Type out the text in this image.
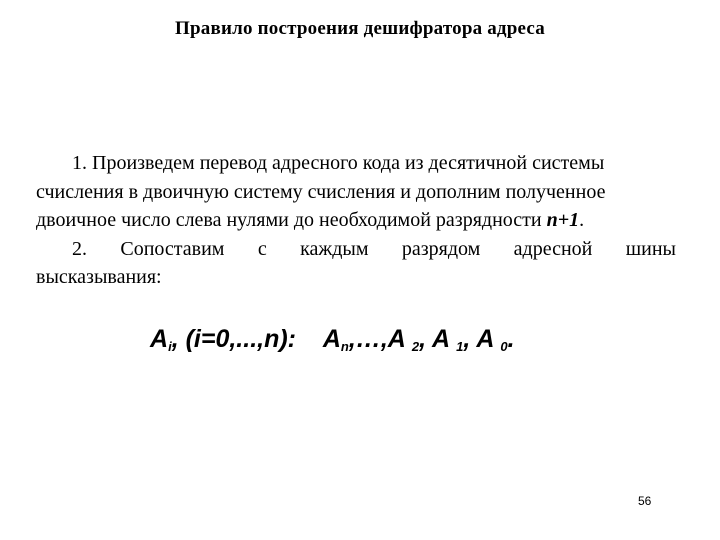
Правило построения дешифратора адреса

1. Произведем перевод адресного кода из десятичной системы счисления в двоичную систему счисления и дополним полученное двоичное число слева нулями до необходимой разрядности n+1.

2. Сопоставим с каждым разрядом адресной шины
высказывания:

$A_i$, (i=0,...,n):    $A_n,\dots,A$ $_2$, A $_1$, A $_0$.
56
